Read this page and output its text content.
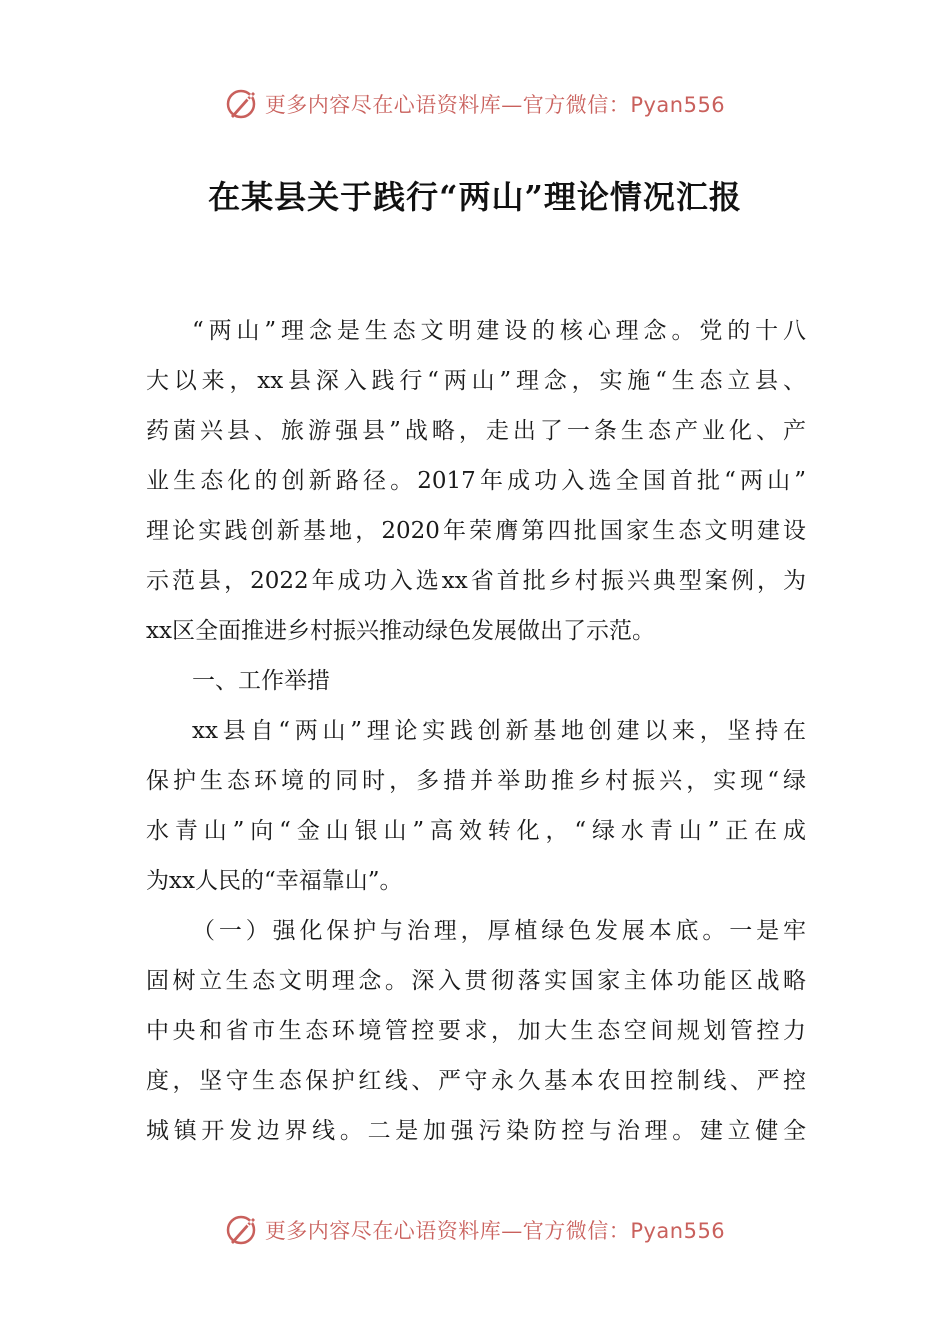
更多内容尽在心语资料库—官方微信：Pyan556
在某县关于践行“两山”理论情况汇报
“两山”理念是生态文明建设的核心理念。党的十八
大以来，xx县深入践行“两山”理念，实施“生态立县、
药菌兴县、旅游强县”战略，走出了一条生态产业化、产
业生态化的创新路径。2017年成功入选全国首批“两山”
理论实践创新基地，2020年荣膺第四批国家生态文明建设
示范县，2022年成功入选xx省首批乡村振兴典型案例，为
xx区全面推进乡村振兴推动绿色发展做出了示范。
一、工作举措
xx县自“两山”理论实践创新基地创建以来，坚持在
保护生态环境的同时，多措并举助推乡村振兴，实现“绿
水青山”向“金山银山”高效转化，“绿水青山”正在成
为xx人民的“幸福靠山”。
（一）强化保护与治理，厚植绿色发展本底。一是牢
固树立生态文明理念。深入贯彻落实国家主体功能区战略
中央和省市生态环境管控要求，加大生态空间规划管控力
度，坚守生态保护红线、严守永久基本农田控制线、严控
城镇开发边界线。二是加强污染防控与治理。建立健全
更多内容尽在心语资料库—官方微信：Pyan556
